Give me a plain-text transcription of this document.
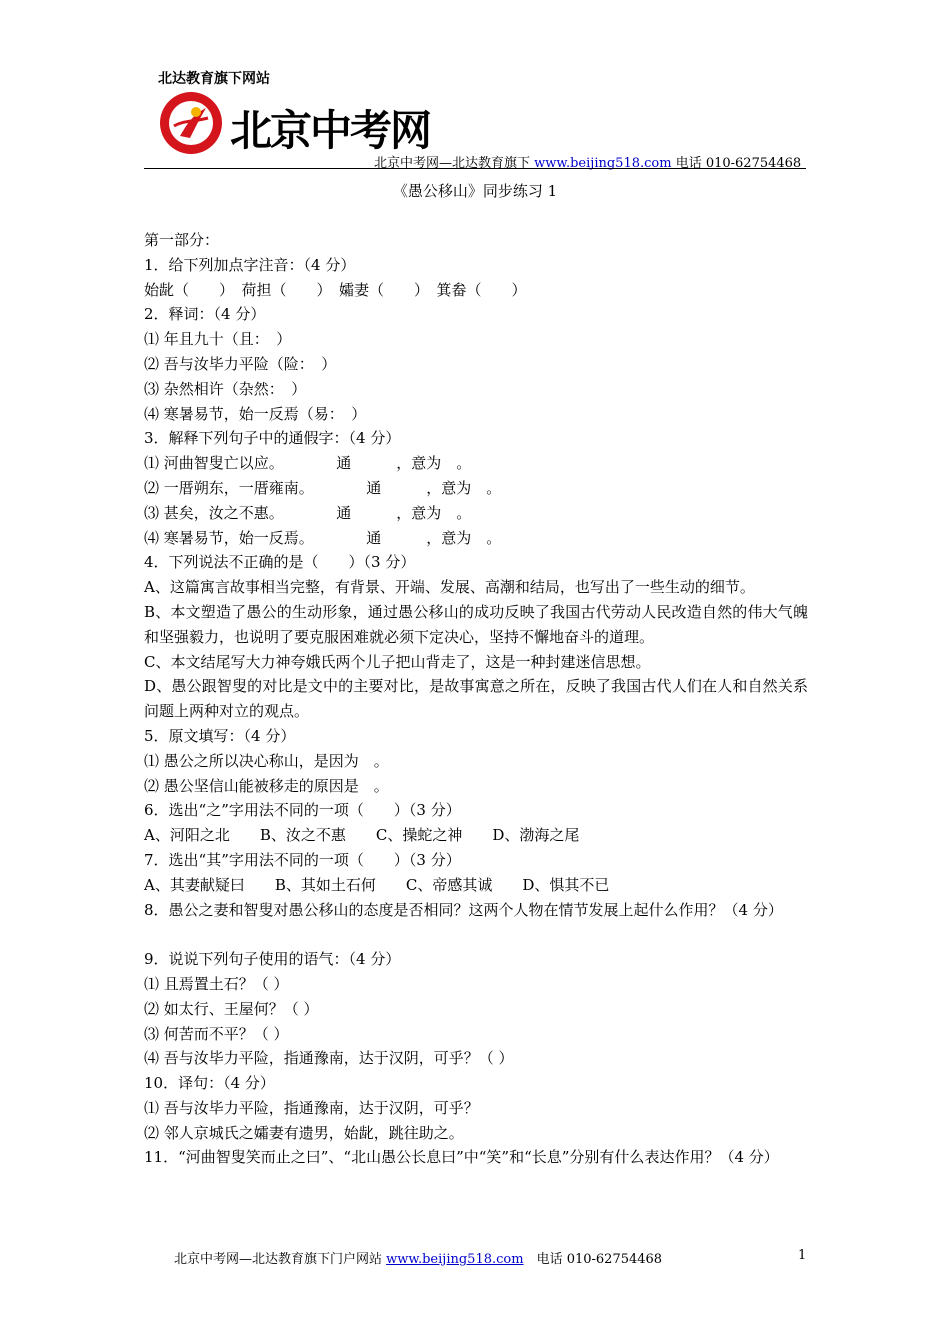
北达教育旗下网站
北京中考网
北京中考网—北达教育旗下 www.beijing518.com 电话 010-62754468
《愚公移山》同步练习 1
第一部分：
1．给下列加点字注音：（4 分）
始龀（　　）　荷担（　　）　孀妻（　　）　箕畚（　　）
2．释词：（4 分）
⑴ 年且九十（且：　）
⑵ 吾与汝毕力平险（险：　）
⑶ 杂然相许（杂然：　）
⑷ 寒暑易节，始一反焉（易：　）
3．解释下列句子中的通假字：（4 分）
⑴ 河曲智叟亡以应。　　　　通　　　，意为　。
⑵ 一厝朔东，一厝雍南。　　　　通　　　，意为　。
⑶ 甚矣，汝之不惠。　　　　通　　　，意为　。
⑷ 寒暑易节，始一反焉。　　　　通　　　，意为　。
4．下列说法不正确的是（　　）（3 分）
A、这篇寓言故事相当完整，有背景、开端、发展、高潮和结局，也写出了一些生动的细节。
B、本文塑造了愚公的生动形象，通过愚公移山的成功反映了我国古代劳动人民改造自然的伟大气魄和坚强毅力，也说明了要克服困难就必须下定决心，坚持不懈地奋斗的道理。
C、本文结尾写大力神夸娥氏两个儿子把山背走了，这是一种封建迷信思想。
D、愚公跟智叟的对比是文中的主要对比，是故事寓意之所在，反映了我国古代人们在人和自然关系问题上两种对立的观点。
5．原文填写：（4 分）
⑴ 愚公之所以决心称山，是因为　。
⑵ 愚公坚信山能被移走的原因是　。
6．选出“之”字用法不同的一项（　　）（3 分）
A、河阳之北　　B、汝之不惠　　C、操蛇之神　　D、渤海之尾
7．选出“其”字用法不同的一项（　　）（3 分）
A、其妻献疑曰　　B、其如土石何　　C、帝感其诚　　D、惧其不已
8．愚公之妻和智叟对愚公移山的态度是否相同？这两个人物在情节发展上起什么作用？（4 分）
9．说说下列句子使用的语气：（4 分）
⑴ 且焉置土石？（ ）
⑵ 如太行、王屋何？（ ）
⑶ 何苦而不平？（ ）
⑷ 吾与汝毕力平险，指通豫南，达于汉阴，可乎？（ ）
10．译句：（4 分）
⑴ 吾与汝毕力平险，指通豫南，达于汉阴，可乎？
⑵ 邻人京城氏之孀妻有遗男，始龀，跳往助之。
11．“河曲智叟笑而止之曰”、“北山愚公长息曰”中“笑”和“长息”分别有什么表达作用？（4 分）
北京中考网—北达教育旗下门户网站 www.beijing518.com　电话 010-62754468	1
